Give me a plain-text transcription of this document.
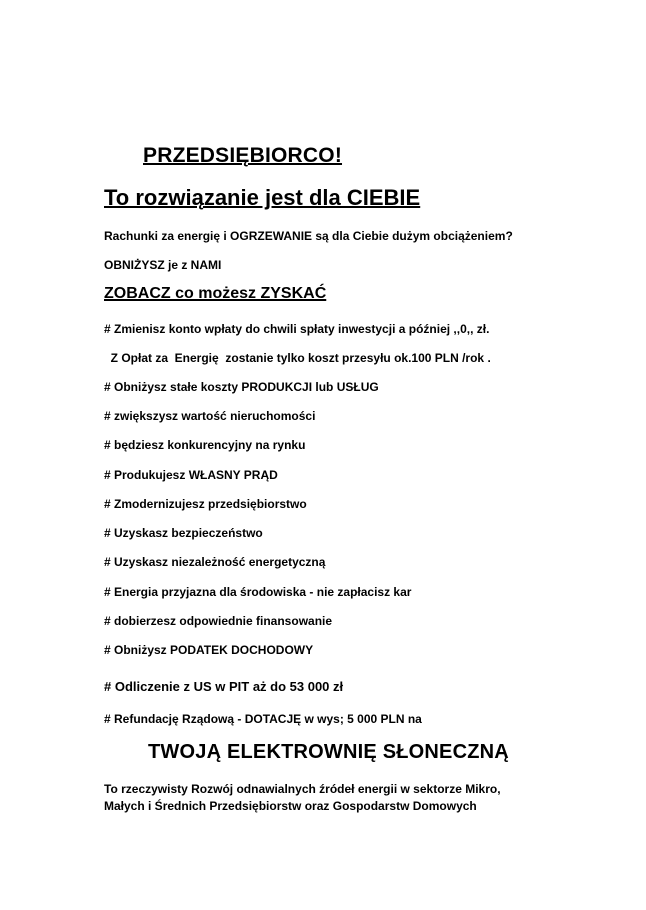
PRZEDSIĘBIORCO!
To rozwiązanie jest dla CIEBIE
Rachunki za energię i OGRZEWANIE są dla Ciebie dużym obciążeniem?
OBNIŻYSZ je z NAMI
ZOBACZ co możesz ZYSKAĆ
# Zmienisz konto wpłaty do chwili spłaty inwestycji a później ,,0,, zł.
Z Opłat za  Energię  zostanie tylko koszt przesyłu ok.100 PLN /rok .
# Obniżysz stałe koszty PRODUKCJI lub USŁUG
# zwiększysz wartość nieruchomości
# będziesz konkurencyjny na rynku
# Produkujesz WŁASNY PRĄD
# Zmodernizujesz przedsiębiorstwo
# Uzyskasz bezpieczeństwo
# Uzyskasz niezależność energetyczną
# Energia przyjazna dla środowiska - nie zapłacisz kar
# dobierzesz odpowiednie finansowanie
# Obniżysz PODATEK DOCHODOWY
# Odliczenie z US w PIT aż do 53 000 zł
# Refundację Rządową - DOTACJĘ w wys; 5 000 PLN na
TWOJĄ ELEKTROWNIĘ SŁONECZNĄ
To rzeczywisty Rozwój odnawialnych źródeł energii w sektorze Mikro,
Małych i Średnich Przedsiębiorstw oraz Gospodarstw Domowych
